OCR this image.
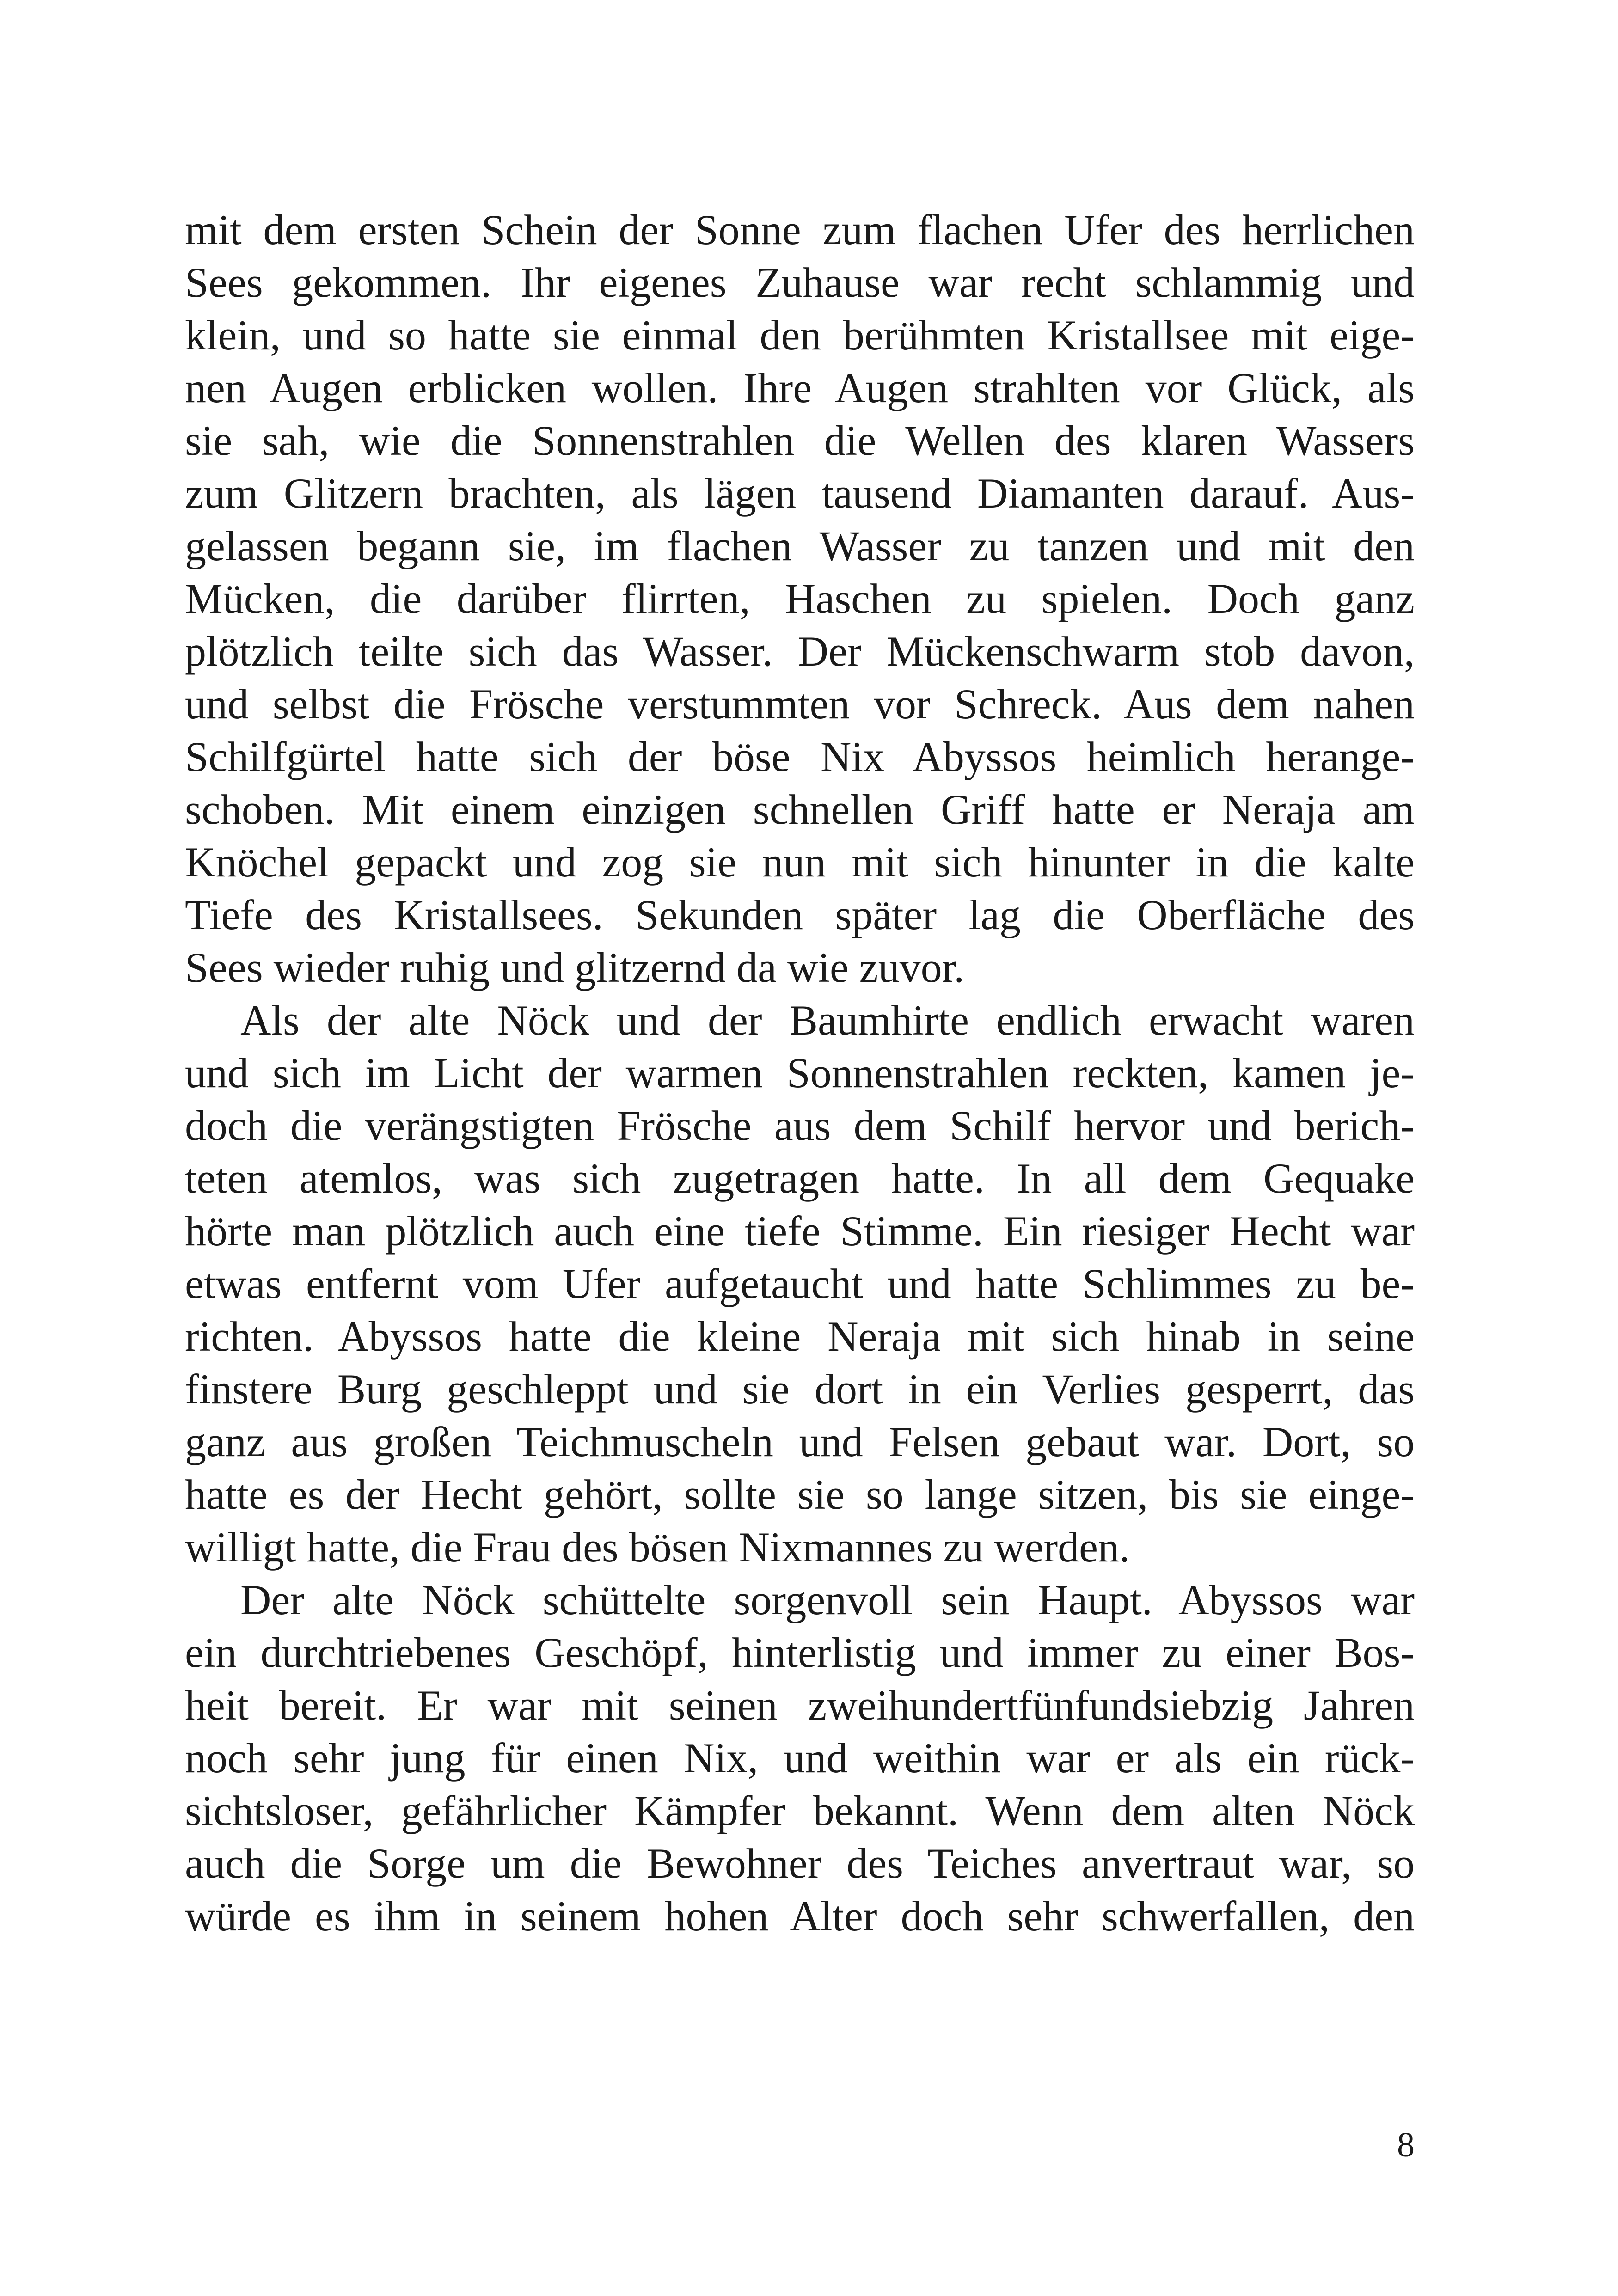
mit dem ersten Schein der Sonne zum flachen Ufer des herrlichen
Sees gekommen. Ihr eigenes Zuhause war recht schlammig und
klein, und so hatte sie einmal den berühmten Kristallsee mit eige-
nen Augen erblicken wollen. Ihre Augen strahlten vor Glück, als
sie sah, wie die Sonnenstrahlen die Wellen des klaren Wassers
zum Glitzern brachten, als lägen tausend Diamanten darauf. Aus-
gelassen begann sie, im flachen Wasser zu tanzen und mit den
Mücken, die darüber flirrten, Haschen zu spielen. Doch ganz
plötzlich teilte sich das Wasser. Der Mückenschwarm stob davon,
und selbst die Frösche verstummten vor Schreck. Aus dem nahen
Schilfgürtel hatte sich der böse Nix Abyssos heimlich herange-
schoben. Mit einem einzigen schnellen Griff hatte er Neraja am
Knöchel gepackt und zog sie nun mit sich hinunter in die kalte
Tiefe des Kristallsees. Sekunden später lag die Oberfläche des
Sees wieder ruhig und glitzernd da wie zuvor.
Als der alte Nöck und der Baumhirte endlich erwacht waren
und sich im Licht der warmen Sonnenstrahlen reckten, kamen je-
doch die verängstigten Frösche aus dem Schilf hervor und berich-
teten atemlos, was sich zugetragen hatte. In all dem Gequake
hörte man plötzlich auch eine tiefe Stimme. Ein riesiger Hecht war
etwas entfernt vom Ufer aufgetaucht und hatte Schlimmes zu be-
richten. Abyssos hatte die kleine Neraja mit sich hinab in seine
finstere Burg geschleppt und sie dort in ein Verlies gesperrt, das
ganz aus großen Teichmuscheln und Felsen gebaut war. Dort, so
hatte es der Hecht gehört, sollte sie so lange sitzen, bis sie einge-
willigt hatte, die Frau des bösen Nixmannes zu werden.
Der alte Nöck schüttelte sorgenvoll sein Haupt. Abyssos war
ein durchtriebenes Geschöpf, hinterlistig und immer zu einer Bos-
heit bereit. Er war mit seinen zweihundertfünfundsiebzig Jahren
noch sehr jung für einen Nix, und weithin war er als ein rück-
sichtsloser, gefährlicher Kämpfer bekannt. Wenn dem alten Nöck
auch die Sorge um die Bewohner des Teiches anvertraut war, so
würde es ihm in seinem hohen Alter doch sehr schwerfallen, den
8
